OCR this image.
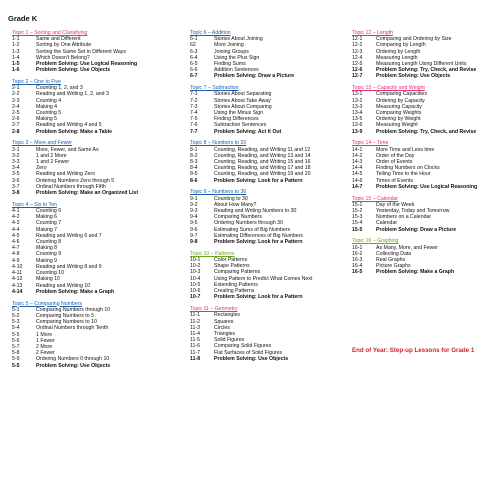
Grade K
Topic 1 – Sorting and Classifying
1-1	Same and Different
1-2	Sorting by One Attribute
1-3	Sorting the Same Set in Different Ways
1-4	Which Doesn't Belong?
1-5	Problem Solving: Use Logical Reasoning
1-6	Problem Solving: Use Objects
Topic 2 – One to Five
2-1	Counting 1, 2, and 3
2-2	Reading and Writing 1, 2, and 3
2-3	Counting 4
2-4	Making 4
2-5	Counting 5
2-6	Making 5
2-7	Reading and Writing 4 and 5
2-8	Problem Solving: Make a Table
Topic 3 – More and Fewer
3-1	More, Fewer, and Same As
3-2	1 and 2 More
3-3	1 and 2 Fewer
3-4	Zero
3-5	Reading and Writing Zero
3-6	Ordering Numbers Zero through 5
3-7	Ordinal Numbers through Fifth
3-8	Problem Solving: Make an Organized List
Topic 4 – Six to Ten
4-1	Counting 6
4-2	Making 6
4-3	Counting 7
4-4	Making 7
4-5	Reading and Writing 6 and 7
4-6	Counting 8
4-7	Making 8
4-8	Counting 9
4-9	Making 9
4-10	Reading and Writing 8 and 9
4-11	Counting 10
4-12	Making 10
4-13	Reading and Writing 10
4-14	Problem Solving: Make a Graph
Topic 5 – Comparing Numbers
5-1	Comparing Numbers through 10
5-2	Comparing Numbers to 5
5-3	Comparing Numbers to 10
5-4	Ordinal Numbers through Tenth
5-5	1 More
5-6	1 Fewer
5-7	2 More
5-8	2 Fewer
5-9	Ordering Numbers 0 through 10
5-5	Problem Solving: Use Objects
Topic 6 – Addition
6-1	Stories About Joining
62	More Joining
6-3	Joining Groups
6-4	Using the Plus Sign
6-5	Finding Sums
6-6	Addition Sentences
6-7	Problem Solving: Draw a Picture
Topic 7 – Subtraction
7-1	Stories About Separating
7-2	Stories About Take Away
7-3	Stories About Comparing
7-4	Using the Minus Sign
7-5	Finding Differences
7-6	Subtraction Sentences
7-7	Problem Solving: Act It Out
Topic 8 – Numbers to 20
8-1	Counting, Reading, and Writing 11 and 12
8-2	Counting, Reading, and Writing 13 and 14
8-3	Counting, Reading, and Writing 15 and 16
8-4	Counting, Reading, and Writing 17 and 18
8-5	Counting, Reading, and Writing 19 and 20
8-6	Problem Solving: Look for a Pattern
Topic 9 – Numbers to 30
9-1	Counting to 30
9-2	About How Many?
9-3	Reading and Writing Numbers to 30
9-4	Comparing Numbers
9-5	Ordering Numbers through 30
9-6	Estimating Sums of Big Numbers
9-7	Estimating Differences of Big Numbers
9-8	Problem Solving: Look for a Pattern
Topic 10 – Patterns
10-1	Color Patterns
10-2	Shape Patterns
10-3	Comparing Patterns
10-4	Using Pattern to Predict What Comes Next
10-5	Extending Patterns
10-6	Creating Patterns
10-7	Problem Solving: Look for a Pattern
Topic 11 – Geometry
11-1	Rectangles
11-2	Squares
11-3	Circles
11-4	Triangles
11-5	Solid Figures
11-6	Comparing Solid Figures
11-7	Flat Surfaces of Solid Figures
11-8	Problem Solving: Use Objects
Topic 12 – Length
12-1	Comparing and Ordering by Size
12-2	Comparing by Length
12-3	Ordering by Length
12-4	Measuring Length
12-5	Measuring Length Using Different Units
12-6	Problem Solving: Try, Check, and Revise
12-7	Problem Solving: Use Objects
Topic 13 – Capacity and Weight
13-1	Comparing Capacities
13-2	Ordering by Capacity
13-3	Measuring Capacity
13-4	Comparing Weights
13-5	Ordering by Weight
13-6	Measuring Weight
13-9	Problem Solving: Try, Check, and Revise
Topic 14 – Time
14-1	More Time and Less time
14-2	Order of the Day
14-3	Order of Events
14-4	Finding Numbers on Clocks
14-5	Telling Time to the Hour
14-6	Times of Events
14-7	Problem Solving: Use Logical Reasoning
Topic 15 – Calendar
15-1	Day of the Week
15-2	Yesterday, Today and Tomorrow
15-3	Numbers on a Calendar
15-4	Calendar
15-5	Problem Solving: Draw a Picture
Topic 16 – Graphing
16-1	As Many, More, and Fewer
16-2	Collecting Data
16-3	Real Graphs
16-4	Picture Graphs
16-5	Problem Solving: Make a Graph
End of Year: Step-up Lessons for Grade 1
